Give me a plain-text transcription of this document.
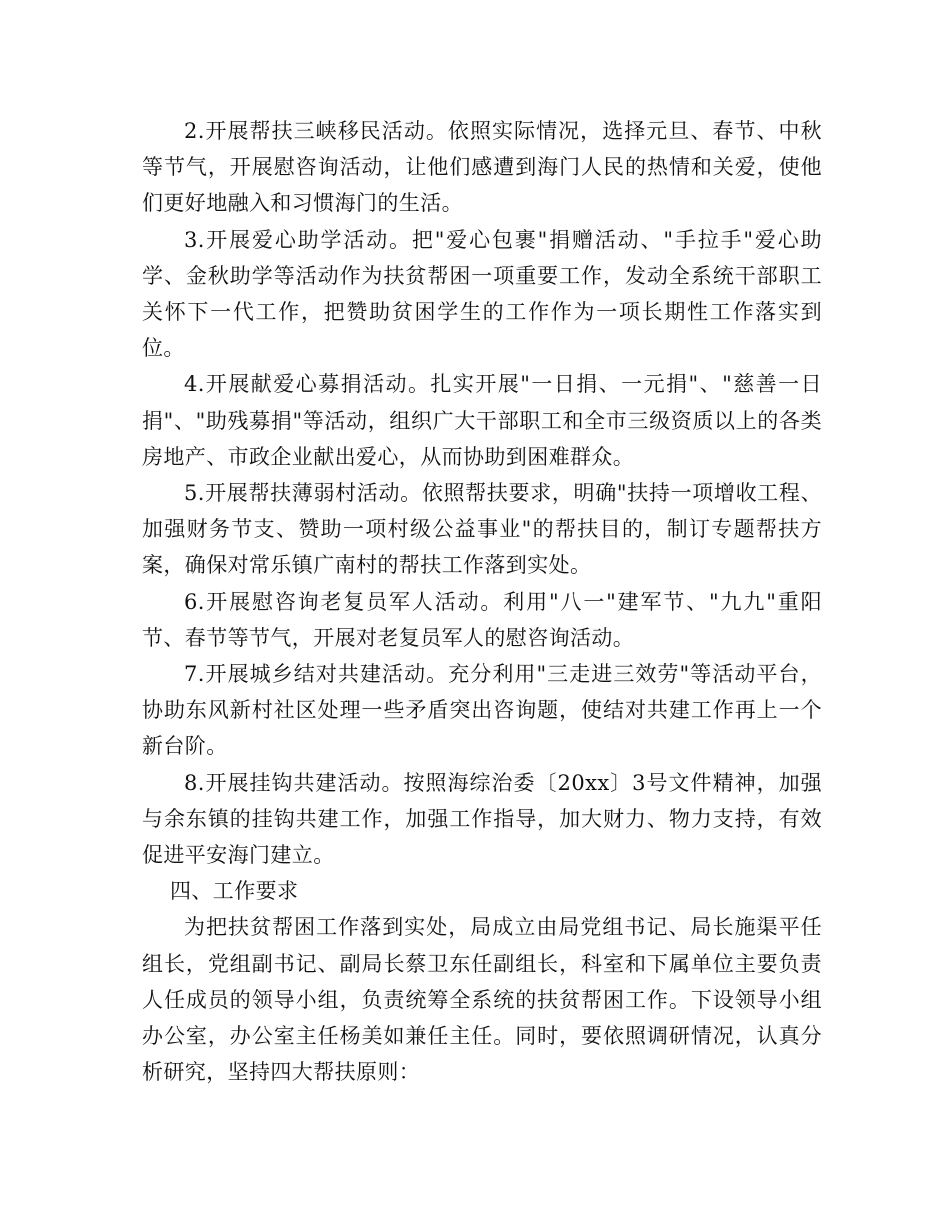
2.开展帮扶三峡移民活动。依照实际情况，选择元旦、春节、中秋等节气，开展慰咨询活动，让他们感遭到海门人民的热情和关爱，使他们更好地融入和习惯海门的生活。

3.开展爱心助学活动。把"爱心包裹"捐赠活动、"手拉手"爱心助学、金秋助学等活动作为扶贫帮困一项重要工作，发动全系统干部职工关怀下一代工作，把赞助贫困学生的工作作为一项长期性工作落实到位。

4.开展献爱心募捐活动。扎实开展"一日捐、一元捐"、"慈善一日捐"、"助残募捐"等活动，组织广大干部职工和全市三级资质以上的各类房地产、市政企业献出爱心，从而协助到困难群众。

5.开展帮扶薄弱村活动。依照帮扶要求，明确"扶持一项增收工程、加强财务节支、赞助一项村级公益事业"的帮扶目的，制订专题帮扶方案，确保对常乐镇广南村的帮扶工作落到实处。

6.开展慰咨询老复员军人活动。利用"八一"建军节、"九九"重阳节、春节等节气，开展对老复员军人的慰咨询活动。

7.开展城乡结对共建活动。充分利用"三走进三效劳"等活动平台，协助东风新村社区处理一些矛盾突出咨询题，使结对共建工作再上一个新台阶。

8.开展挂钩共建活动。按照海综治委〔20xx〕3号文件精神，加强与余东镇的挂钩共建工作，加强工作指导，加大财力、物力支持，有效促进平安海门建立。

四、工作要求

为把扶贫帮困工作落到实处，局成立由局党组书记、局长施渠平任组长，党组副书记、副局长蔡卫东任副组长，科室和下属单位主要负责人任成员的领导小组，负责统筹全系统的扶贫帮困工作。下设领导小组办公室，办公室主任杨美如兼任主任。同时，要依照调研情况，认真分析研究，坚持四大帮扶原则：
